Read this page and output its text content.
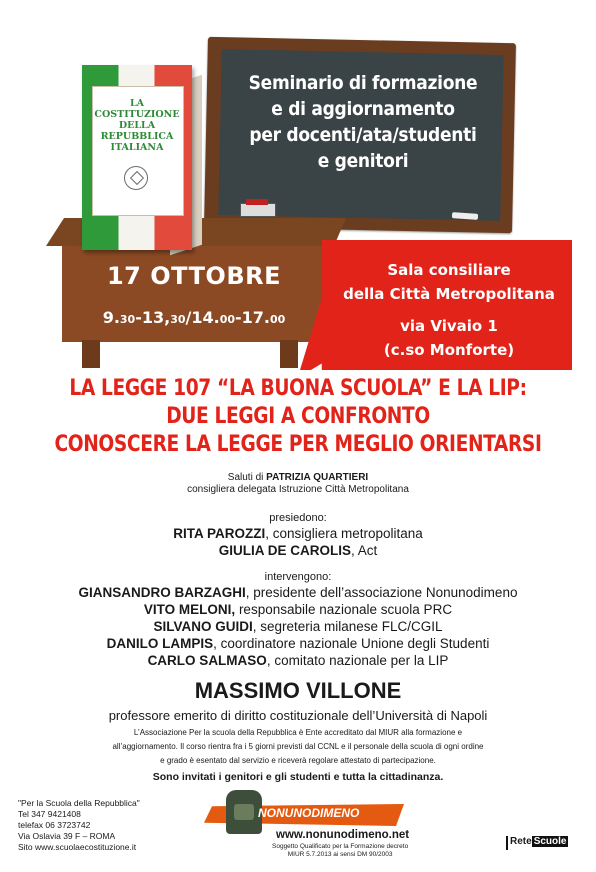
Seminario di formazione
e di aggiornamento
per docenti/ata/studenti
e genitori
LA
COSTITUZIONE
DELLA
REPUBBLICA
ITALIANA
17 OTTOBRE
9.30-13,30/14.00-17.00
Sala consiliare
della Città Metropolitana
via Vivaio 1
(c.so Monforte)
LA LEGGE 107 “LA BUONA SCUOLA” E LA LIP:
DUE LEGGI A CONFRONTO
CONOSCERE LA LEGGE PER MEGLIO ORIENTARSI
Saluti di PATRIZIA QUARTIERI
consigliera delegata Istruzione Città Metropolitana
presiedono:
RITA PAROZZI, consigliera metropolitana
GIULIA DE CAROLIS, Act
intervengono:
GIANSANDRO BARZAGHI, presidente dell’associazione Nonunodimeno
VITO MELONI, responsabile nazionale scuola PRC
SILVANO GUIDI, segreteria milanese FLC/CGIL
DANILO LAMPIS, coordinatore nazionale Unione degli Studenti
CARLO SALMASO, comitato nazionale per la LIP
MASSIMO VILLONE
professore emerito di diritto costituzionale dell’Università di Napoli
L’Associazione Per la scuola della Repubblica è Ente accreditato dal MIUR alla formazione e
all’aggiornamento. Il corso rientra fra i 5 giorni previsti dal CCNL e il personale della scuola di ogni ordine
e grado è esentato dal servizio e riceverà regolare attestato di partecipazione.
Sono invitati i genitori e gli studenti e tutta la cittadinanza.
"Per la Scuola della Repubblica"
Tel 347 9421408
telefax 06 3723742
Via Oslavia 39 F – ROMA
Sito www.scuolaecostituzione.it
NONUNODIMENO
www.nonunodimeno.net
Soggetto Qualificato per la Formazione decreto
MIUR 5.7.2013 ai sensi DM 90/2003
Rete Scuole
